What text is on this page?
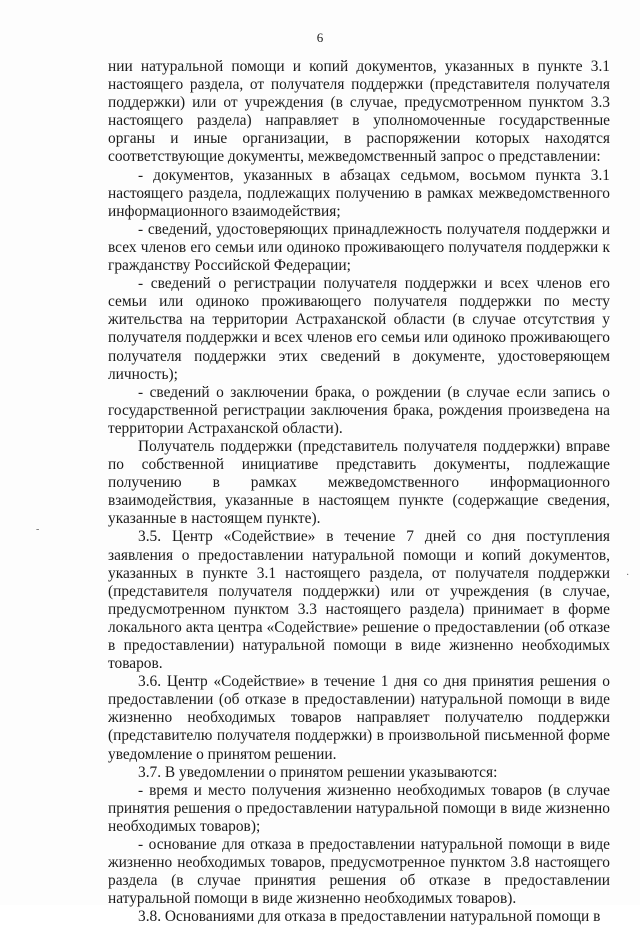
6
-
·

нии натуральной помощи и копий документов, указанных в пункте 3.1 настоящего раздела, от получателя поддержки (представителя получателя поддержки) или от учреждения (в случае, предусмотренном пунктом 3.3 настоящего раздела) направляет в уполномоченные государственные органы и иные организации, в распоряжении которых находятся соответствующие документы, межведомственный запрос о представлении:

- документов, указанных в абзацах седьмом, восьмом пункта 3.1 настоящего раздела, подлежащих получению в рамках межведомственного информационного взаимодействия;

- сведений, удостоверяющих принадлежность получателя поддержки и всех членов его семьи или одиноко проживающего получателя поддержки к гражданству Российской Федерации;

- сведений о регистрации получателя поддержки и всех членов его семьи или одиноко проживающего получателя поддержки по месту жительства на территории Астраханской области (в случае отсутствия у получателя поддержки и всех членов его семьи или одиноко проживающего получателя поддержки этих сведений в документе, удостоверяющем личность);

- сведений о заключении брака, о рождении (в случае если запись о государственной регистрации заключения брака, рождения произведена на территории Астраханской области).

Получатель поддержки (представитель получателя поддержки) вправе по собственной инициативе представить документы, подлежащие получению в рамках межведомственного информационного взаимодействия, указанные в настоящем пункте (содержащие сведения, указанные в настоящем пункте).

3.5. Центр «Содействие» в течение 7 дней со дня поступления заявления о предоставлении натуральной помощи и копий документов, указанных в пункте 3.1 настоящего раздела, от получателя поддержки (представителя получателя поддержки) или от учреждения (в случае, предусмотренном пунктом 3.3 настоящего раздела) принимает в форме локального акта центра «Содействие» решение о предоставлении (об отказе в предоставлении) натуральной помощи в виде жизненно необходимых товаров.

3.6. Центр «Содействие» в течение 1 дня со дня принятия решения о предоставлении (об отказе в предоставлении) натуральной помощи в виде жизненно необходимых товаров направляет получателю поддержки (представителю получателя поддержки) в произвольной письменной форме уведомление о принятом решении.

3.7. В уведомлении о принятом решении указываются:

- время и место получения жизненно необходимых товаров (в случае принятия решения о предоставлении натуральной помощи в виде жизненно необходимых товаров);

- основание для отказа в предоставлении натуральной помощи в виде жизненно необходимых товаров, предусмотренное пунктом 3.8 настоящего раздела (в случае принятия решения об отказе в предоставлении натуральной помощи в виде жизненно необходимых товаров).

3.8. Основаниями для отказа в предоставлении натуральной помощи в
